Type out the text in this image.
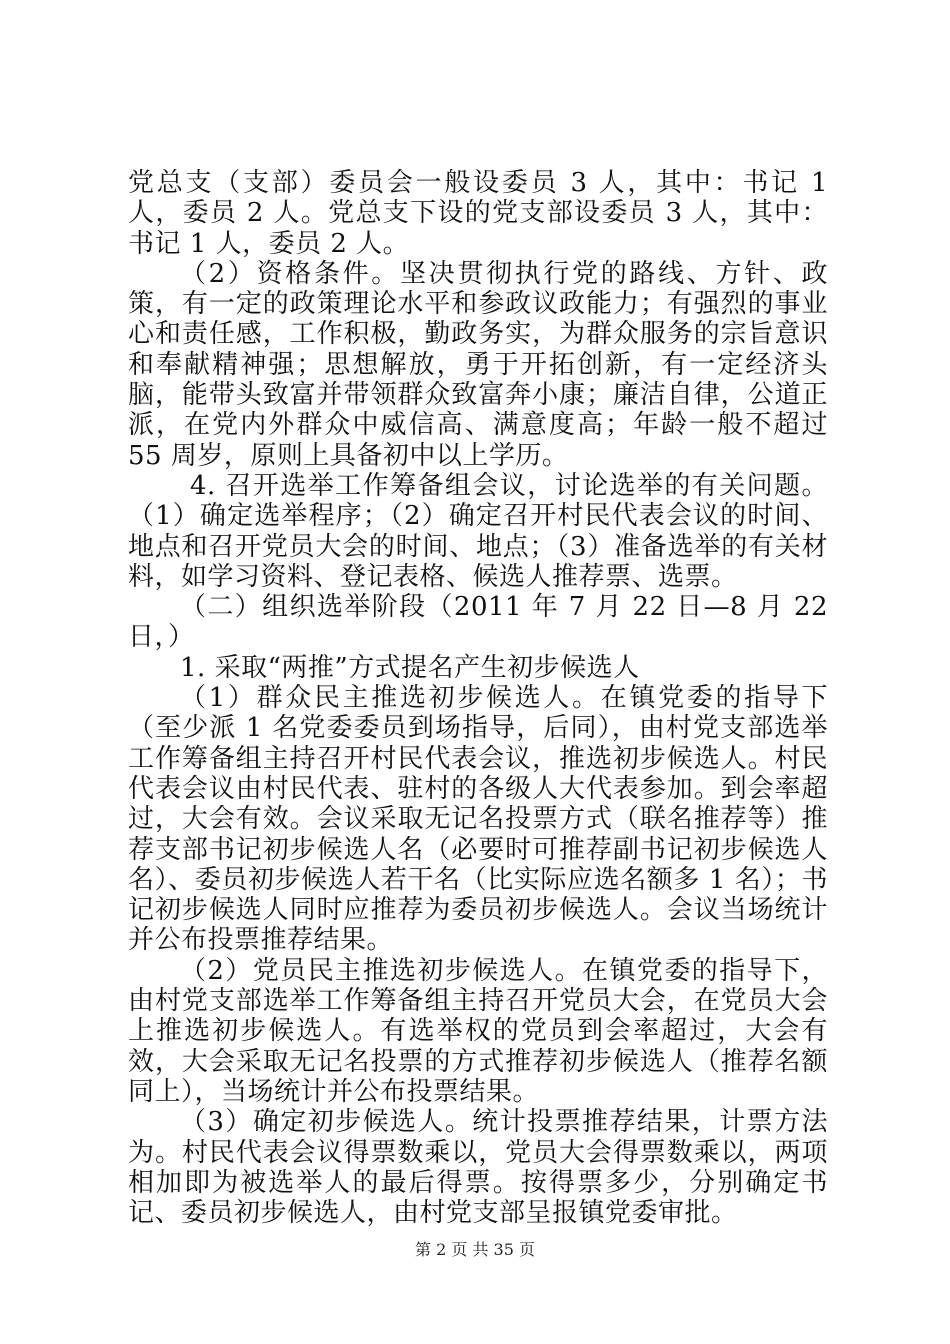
党总支（支部）委员会一般设委员 3 人，其中：书记 1 人，委员 2 人。党总支下设的党支部设委员 3 人，其中：书记 1 人，委员 2 人。

（2）资格条件。坚决贯彻执行党的路线、方针、政策，有一定的政策理论水平和参政议政能力；有强烈的事业心和责任感，工作积极，勤政务实，为群众服务的宗旨意识和奉献精神强；思想解放，勇于开拓创新，有一定经济头脑，能带头致富并带领群众致富奔小康；廉洁自律，公道正派，在党内外群众中威信高、满意度高；年龄一般不超过 55 周岁，原则上具备初中以上学历。

4. 召开选举工作筹备组会议，讨论选举的有关问题。（1）确定选举程序；（2）确定召开村民代表会议的时间、地点和召开党员大会的时间、地点；（3）准备选举的有关材料，如学习资料、登记表格、候选人推荐票、选票。

（二）组织选举阶段（2011 年 7 月 22 日—8 月 22 日，）

1. 采取“两推”方式提名产生初步候选人

（1）群众民主推选初步候选人。在镇党委的指导下（至少派 1 名党委委员到场指导，后同），由村党支部选举工作筹备组主持召开村民代表会议，推选初步候选人。村民代表会议由村民代表、驻村的各级人大代表参加。到会率超过，大会有效。会议采取无记名投票方式（联名推荐等）推荐支部书记初步候选人名（必要时可推荐副书记初步候选人名）、委员初步候选人若干名（比实际应选名额多 1 名）；书记初步候选人同时应推荐为委员初步候选人。会议当场统计并公布投票推荐结果。

（2）党员民主推选初步候选人。在镇党委的指导下，由村党支部选举工作筹备组主持召开党员大会，在党员大会上推选初步候选人。有选举权的党员到会率超过，大会有效，大会采取无记名投票的方式推荐初步候选人（推荐名额同上），当场统计并公布投票结果。

（3）确定初步候选人。统计投票推荐结果，计票方法为。村民代表会议得票数乘以，党员大会得票数乘以，两项相加即为被选举人的最后得票。按得票多少，分别确定书记、委员初步候选人，由村党支部呈报镇党委审批。

第 2 页 共 35 页
